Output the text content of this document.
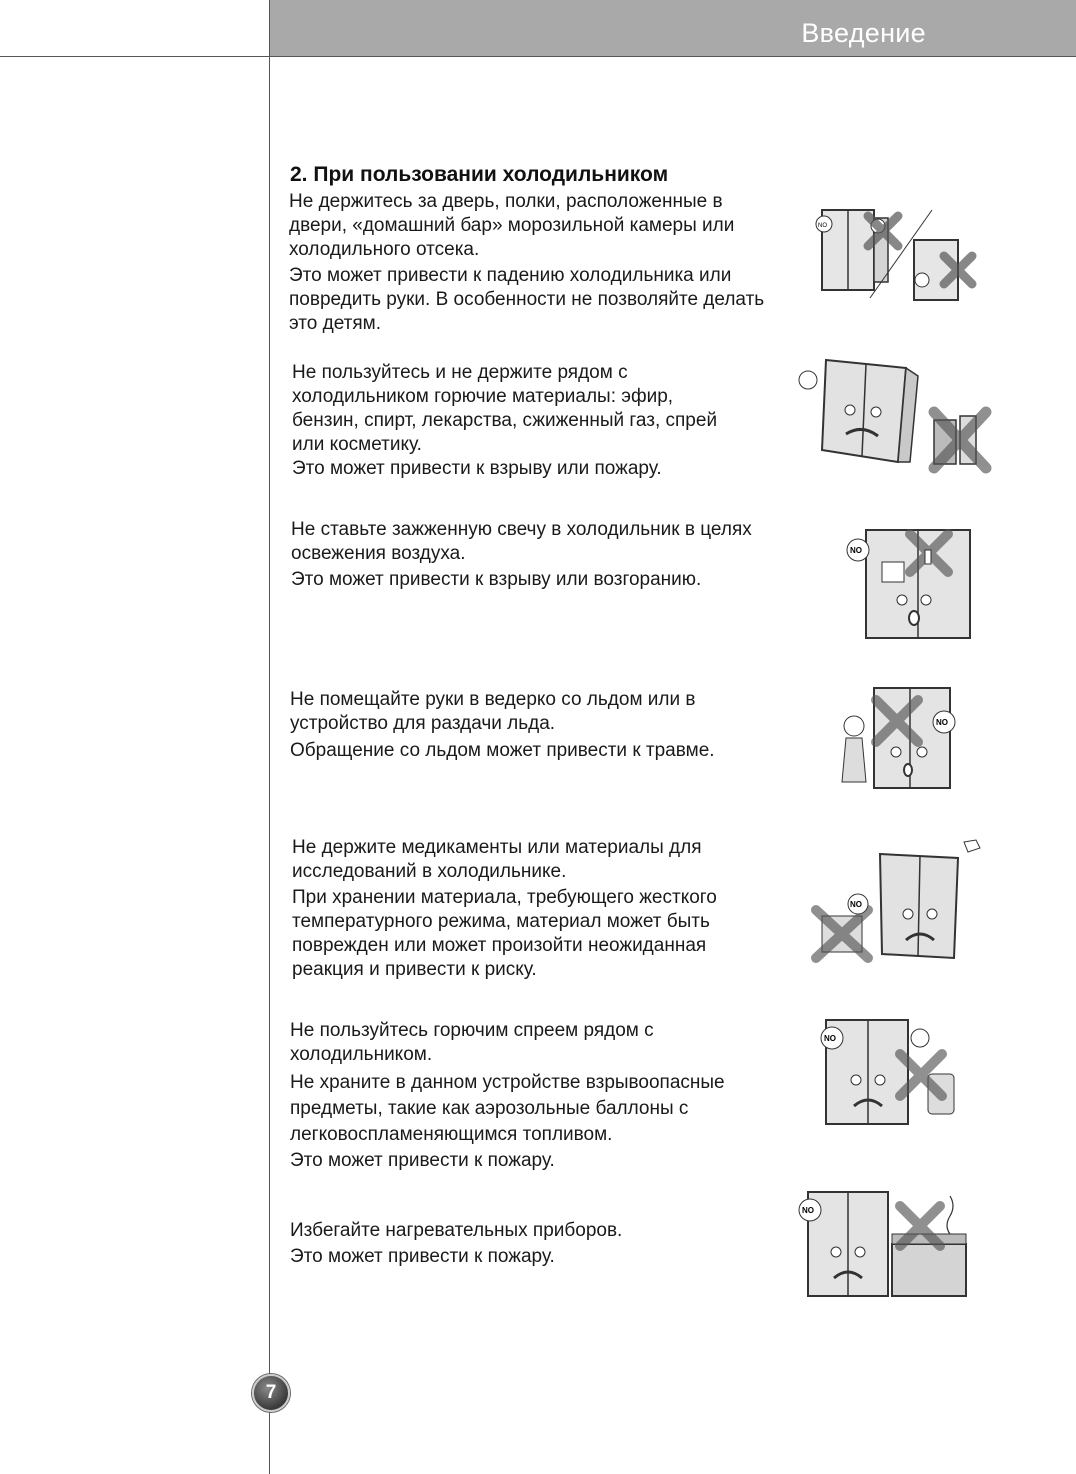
Введение
2. При пользовании холодильником

Не держитесь за дверь, полки, расположенные в
двери, «домашний бар» морозильной камеры или
холодильного отсека.

Это может привести к падению холодильника или
повредить руки. В особенности не позволяйте делать
это детям.

NO

Не пользуйтесь и не держите рядом с
холодильником горючие материалы: эфир,
бензин, спирт, лекарства, сжиженный газ, спрей
или косметику.
Это может привести к взрыву или пожару.

Не ставьте зажженную свечу в холодильник в целях
освежения воздуха.

Это может привести к взрыву или возгоранию.

NO

Не помещайте руки в ведерко со льдом или в
устройство для раздачи льда.

Обращение со льдом может привести к травме.

NO

Не держите медикаменты или материалы для
исследований в холодильнике.

При хранении материала, требующего жесткого
температурного режима, материал может быть
поврежден или может произойти неожиданная
реакция и привести к риску.

NO

Не пользуйтесь горючим спреем рядом с
холодильником.

Не храните в данном устройстве взрывоопасные
предметы, такие как аэрозольные баллоны с
легковоспламеняющимся топливом.
Это может привести к пожару.

NO

Избегайте нагревательных приборов.
Это может привести к пожару.

NO
7
